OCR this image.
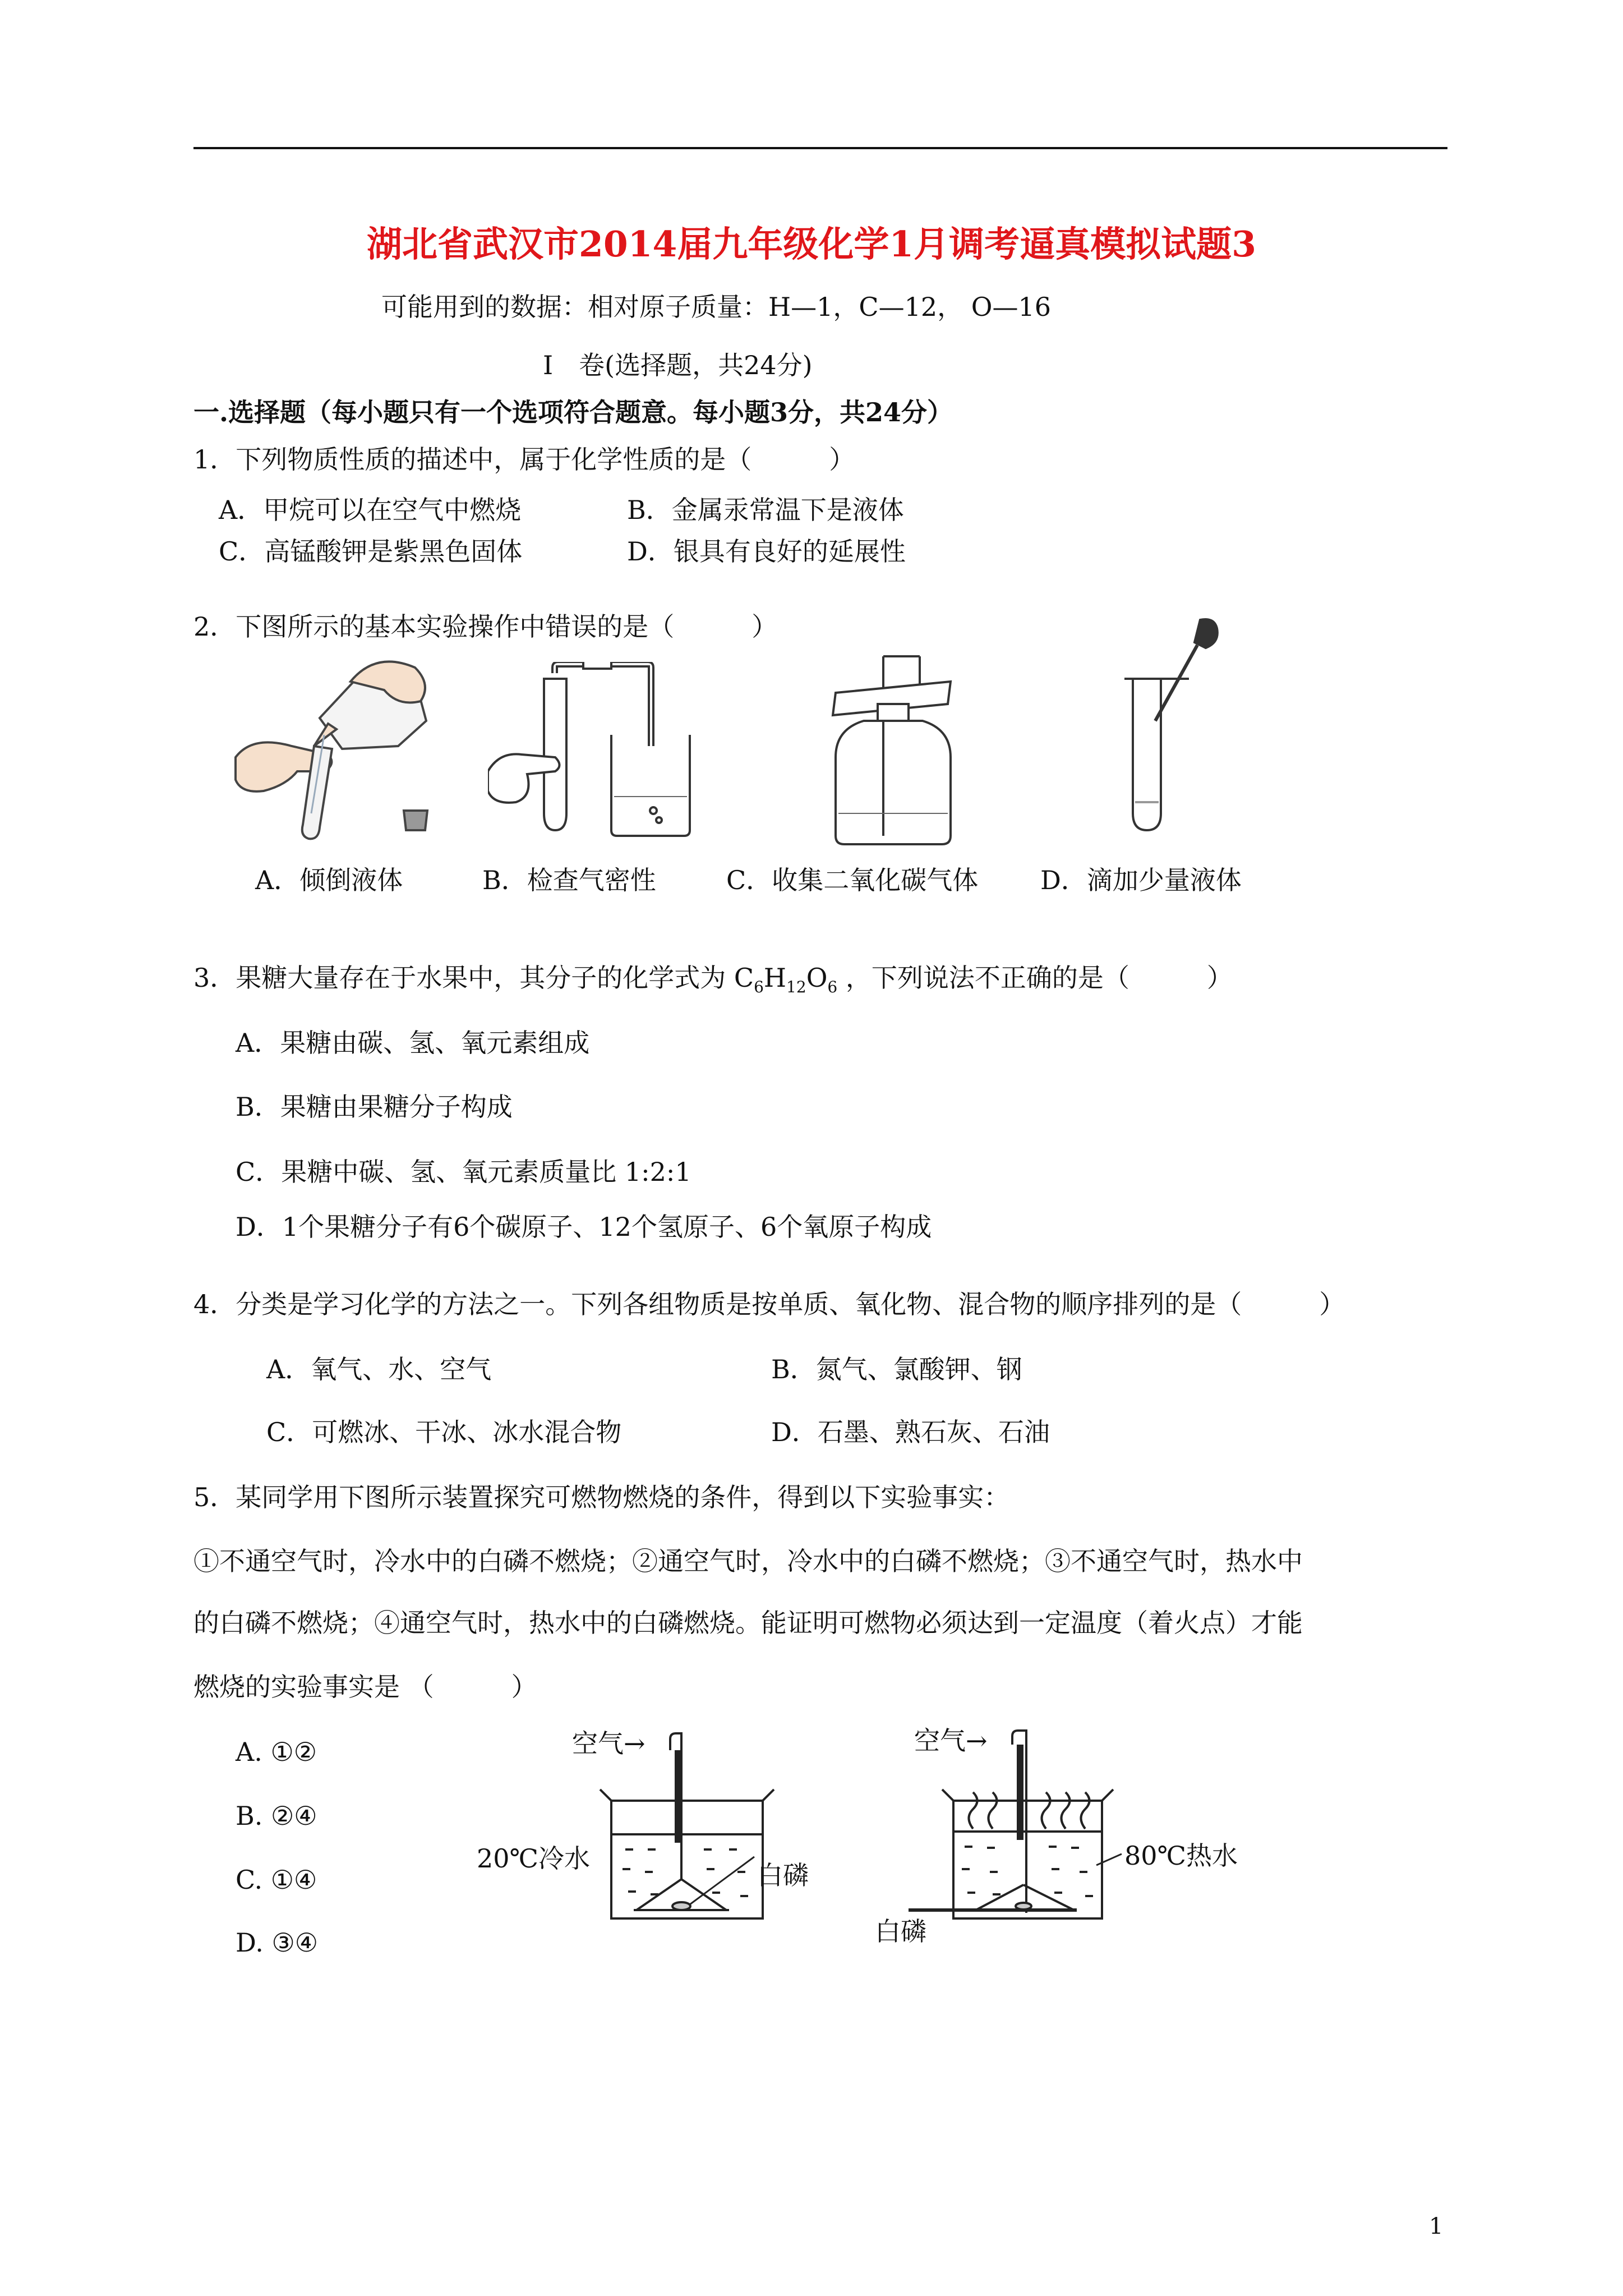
湖北省武汉市2014届九年级化学1月调考逼真模拟试题3
可能用到的数据：相对原子质量：H—1，C—12， O—16
Ⅰ　卷(选择题，共24分)
一.选择题（每小题只有一个选项符合题意。每小题3分，共24分）
1．下列物质性质的描述中，属于化学性质的是（　　　）
A．甲烷可以在空气中燃烧	B．金属汞常温下是液体
C．高锰酸钾是紫黑色固体	D．银具有良好的延展性
2．下图所示的基本实验操作中错误的是（　　　）
A．倾倒液体	B．检查气密性	C．收集二氧化碳气体 D．滴加少量液体
3．果糖大量存在于水果中，其分子的化学式为 $C_6H_{12}O_6$ ，下列说法不正确的是（　　　）
A．果糖由碳、氢、氧元素组成
B．果糖由果糖分子构成
C．果糖中碳、氢、氧元素质量比 1:2:1
D．1个果糖分子有6个碳原子、12个氢原子、6个氧原子构成
4．分类是学习化学的方法之一。下列各组物质是按单质、氧化物、混合物的顺序排列的是（　　　）
A．氧气、水、空气	B．氮气、氯酸钾、钢
C．可燃冰、干冰、冰水混合物	D．石墨、熟石灰、石油
5．某同学用下图所示装置探究可燃物燃烧的条件，得到以下实验事实：
①不通空气时，冷水中的白磷不燃烧；②通空气时，冷水中的白磷不燃烧；③不通空气时，热水中
的白磷不燃烧；④通空气时，热水中的白磷燃烧。能证明可燃物必须达到一定温度（着火点）才能
燃烧的实验事实是 （　　　）
A. ①②
B. ②④
C. ①④
D. ③④
空气→
20℃冷水
白磷
空气→
80℃热水
白磷
1
